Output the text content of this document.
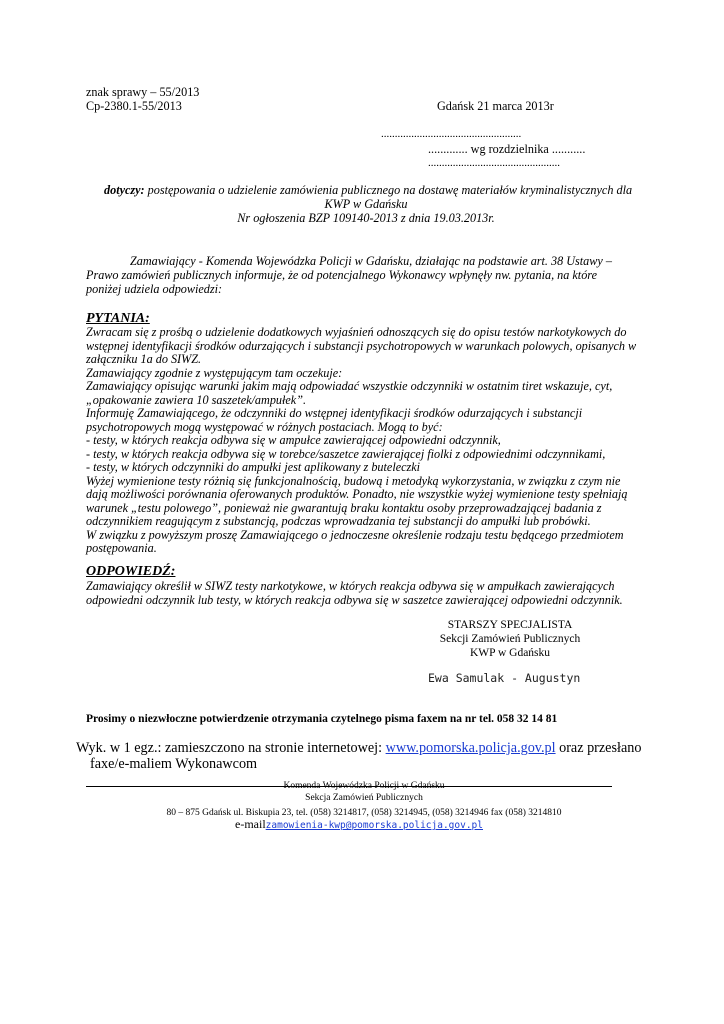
znak sprawy – 55/2013
Cp-2380.1-55/2013	Gdańsk 21 marca 2013r
...................................................
............. wg rozdzielnika ...........
................................................
dotyczy: postępowania o udzielenie zamówienia publicznego na dostawę materiałów kryminalistycznych dla
KWP w Gdańsku
Nr ogłoszenia BZP 109140-2013 z dnia 19.03.2013r.
Zamawiający - Komenda Wojewódzka Policji w Gdańsku, działając na podstawie art. 38 Ustawy –
Prawo zamówień publicznych informuje, że od potencjalnego Wykonawcy wpłynęły nw. pytania, na które
poniżej udziela odpowiedzi:
PYTANIA:
Zwracam się z prośbą o udzielenie dodatkowych wyjaśnień odnoszących się do opisu testów narkotykowych do
wstępnej identyfikacji środków odurzających i substancji psychotropowych w warunkach polowych, opisanych w
załączniku 1a do SIWZ.
Zamawiający zgodnie z występującym tam oczekuje:
Zamawiający opisując warunki jakim mają odpowiadać wszystkie odczynniki w ostatnim tiret wskazuje, cyt,
„opakowanie zawiera 10 saszetek/ampułek”.
Informuję Zamawiającego, że odczynniki do wstępnej identyfikacji środków odurzających i substancji
psychotropowych mogą występować w różnych postaciach. Mogą to być:
- testy, w których reakcja odbywa się w ampułce zawierającej odpowiedni odczynnik,
- testy, w których reakcja odbywa się w torebce/saszetce zawierającej fiolki z odpowiednimi odczynnikami,
- testy, w których odczynniki do ampułki jest aplikowany z buteleczki
Wyżej wymienione testy różnią się funkcjonalnością, budową i metodyką wykorzystania, w związku z czym nie
dają możliwości porównania oferowanych produktów. Ponadto, nie wszystkie wyżej wymienione testy spełniają
warunek „testu polowego”, ponieważ nie gwarantują braku kontaktu osoby przeprowadzającej badania z
odczynnikiem reagującym z substancją, podczas wprowadzania tej substancji do ampułki lub probówki.
W związku z powyższym proszę Zamawiającego o jednoczesne określenie rodzaju testu będącego przedmiotem
postępowania.
ODPOWIEDŹ:
Zamawiający określił w SIWZ testy narkotykowe, w których reakcja odbywa się w ampułkach zawierających
odpowiedni odczynnik lub testy, w których reakcja odbywa się w saszetce zawierającej odpowiedni odczynnik.
STARSZY SPECJALISTA
Sekcji Zamówień Publicznych
KWP w Gdańsku
Ewa Samulak - Augustyn
Prosimy o niezwłoczne potwierdzenie otrzymania czytelnego pisma faxem na nr tel. 058 32 14 81
Wyk. w 1 egz.: zamieszczono na stronie internetowej: www.pomorska.policja.gov.pl oraz przesłano
faxe/e-maliem Wykonawcom
Komenda Wojewódzka Policji w Gdańsku
Sekcja Zamówień Publicznych
80 – 875 Gdańsk ul. Biskupia 23, tel. (058) 3214817, (058) 3214945, (058) 3214946 fax (058) 3214810
e-mailzamowienia-kwp@pomorska.policja.gov.pl
